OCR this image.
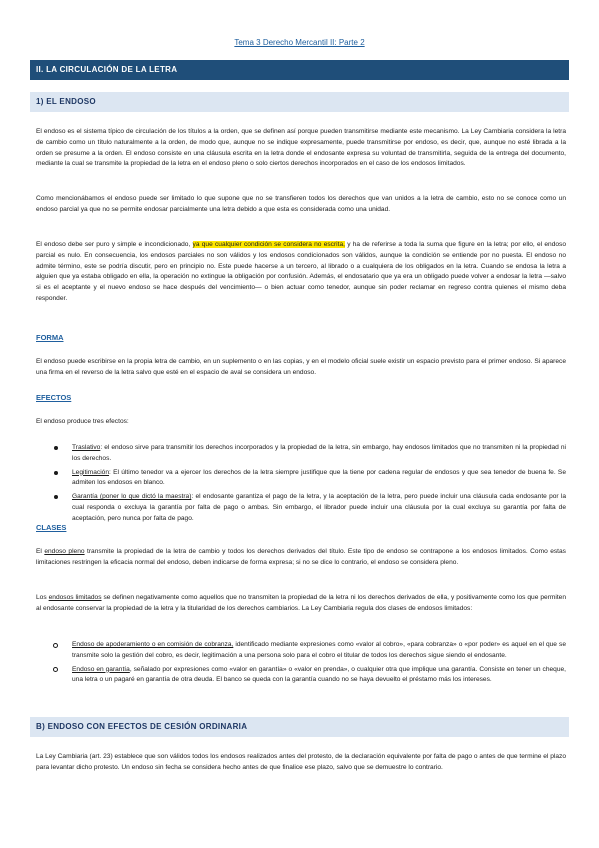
Tema 3 Derecho Mercantil II: Parte 2
II. LA CIRCULACIÓN DE LA LETRA
1) EL ENDOSO

El endoso es el sistema típico de circulación de los títulos a la orden, que se definen así porque pueden transmitirse mediante este mecanismo. La Ley Cambiaria considera la letra de cambio como un título naturalmente a la orden, de modo que, aunque no se indique expresamente, puede transmitirse por endoso, es decir, que, aunque no esté librada a la orden se presume a la orden. El endoso consiste en una cláusula escrita en la letra donde el endosante expresa su voluntad de transmitirla, seguida de la entrega del documento, mediante la cual se transmite la propiedad de la letra en el endoso pleno o solo ciertos derechos incorporados en el caso de los endosos limitados.

Como mencionábamos el endoso puede ser limitado lo que supone que no se transfieren todos los derechos que van unidos a la letra de cambio, esto no se conoce como un endoso parcial ya que no se permite endosar parcialmente una letra debido a que esta es considerada como una unidad.

El endoso debe ser puro y simple e incondicionado, ya que cualquier condición se considera no escrita, y ha de referirse a toda la suma que figure en la letra; por ello, el endoso parcial es nulo. En consecuencia, los endosos parciales no son válidos y los endosos condicionados son válidos, aunque la condición se entiende por no puesta. El endoso no admite término, este se podría discutir, pero en principio no. Este puede hacerse a un tercero, al librado o a cualquiera de los obligados en la letra. Cuando se endosa la letra a alguien que ya estaba obligado en ella, la operación no extingue la obligación por confusión. Además, el endosatario que ya era un obligado puede volver a endosar la letra —salvo si es el aceptante y el nuevo endoso se hace después del vencimiento— o bien actuar como tenedor, aunque sin poder reclamar en regreso contra quienes el mismo deba responder.

FORMA

El endoso puede escribirse en la propia letra de cambio, en un suplemento o en las copias, y en el modelo oficial suele existir un espacio previsto para el primer endoso. Si aparece una firma en el reverso de la letra salvo que esté en el espacio de aval se considera un endoso.

EFECTOS

El endoso produce tres efectos:

Traslativo: el endoso sirve para transmitir los derechos incorporados y la propiedad de la letra, sin embargo, hay endosos limitados que no transmiten ni la propiedad ni los derechos.
Legitimación: El último tenedor va a ejercer los derechos de la letra siempre justifique que la tiene por cadena regular de endosos y que sea tenedor de buena fe. Se admiten los endosos en blanco.
Garantía (poner lo que dictó la maestra): el endosante garantiza el pago de la letra, y la aceptación de la letra, pero puede incluir una cláusula cada endosante por la cual responda o excluya la garantía por falta de pago o ambas. Sin embargo, el librador puede incluir una cláusula por la cual excluya su garantía por falta de aceptación, pero nunca por falta de pago.
CLASES

El endoso pleno transmite la propiedad de la letra de cambio y todos los derechos derivados del título. Este tipo de endoso se contrapone a los endosos limitados. Como estas limitaciones restringen la eficacia normal del endoso, deben indicarse de forma expresa; si no se dice lo contrario, el endoso se considera pleno.

Los endosos limitados se definen negativamente como aquellos que no transmiten la propiedad de la letra ni los derechos derivados de ella, y positivamente como los que permiten al endosante conservar la propiedad de la letra y la titularidad de los derechos cambiarios. La Ley Cambiaria regula dos clases de endosos limitados:

Endoso de apoderamiento o en comisión de cobranza, identificado mediante expresiones como «valor al cobro», «para cobranza» o «por poder» es aquel en el que se transmite solo la gestión del cobro, es decir, legitimación a una persona solo para el cobro el titular de todos los derechos sigue siendo el endosante.
Endoso en garantía, señalado por expresiones como «valor en garantía» o «valor en prenda», o cualquier otra que implique una garantía. Consiste en tener un cheque, una letra o un pagaré en garantía de otra deuda. El banco se queda con la garantía cuando no se haya devuelto el préstamo más los intereses.
B) ENDOSO CON EFECTOS DE CESIÓN ORDINARIA

La Ley Cambiaria (art. 23) establece que son válidos todos los endosos realizados antes del protesto, de la declaración equivalente por falta de pago o antes de que termine el plazo para levantar dicho protesto. Un endoso sin fecha se considera hecho antes de que finalice ese plazo, salvo que se demuestre lo contrario.
